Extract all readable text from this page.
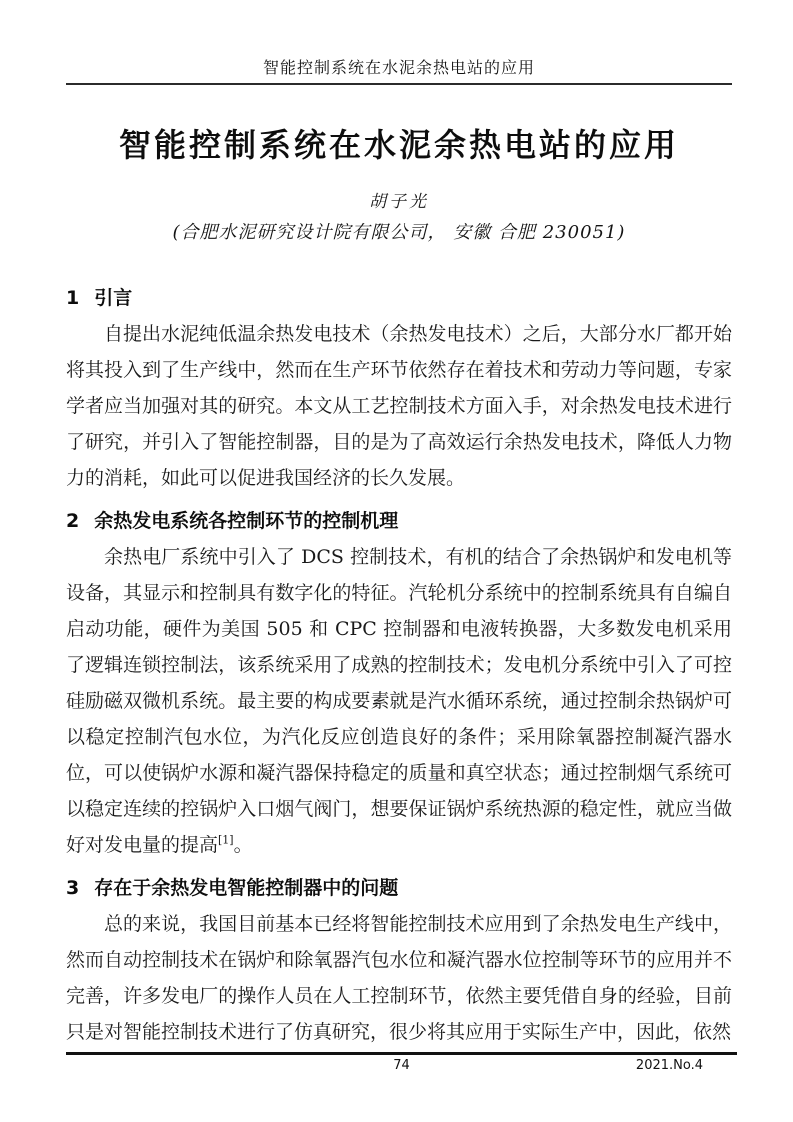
智能控制系统在水泥余热电站的应用
智能控制系统在水泥余热电站的应用
胡子光
(合肥水泥研究设计院有限公司， 安徽 合肥 230051)
1 引言

自提出水泥纯低温余热发电技术（余热发电技术）之后，大部分水厂都开始将其投入到了生产线中，然而在生产环节依然存在着技术和劳动力等问题，专家学者应当加强对其的研究。本文从工艺控制技术方面入手，对余热发电技术进行了研究，并引入了智能控制器，目的是为了高效运行余热发电技术，降低人力物力的消耗，如此可以促进我国经济的长久发展。

2 余热发电系统各控制环节的控制机理

余热电厂系统中引入了 DCS 控制技术，有机的结合了余热锅炉和发电机等设备，其显示和控制具有数字化的特征。汽轮机分系统中的控制系统具有自编自启动功能，硬件为美国 505 和 CPC 控制器和电液转换器，大多数发电机采用了逻辑连锁控制法，该系统采用了成熟的控制技术；发电机分系统中引入了可控硅励磁双微机系统。最主要的构成要素就是汽水循环系统，通过控制余热锅炉可以稳定控制汽包水位，为汽化反应创造良好的条件；采用除氧器控制凝汽器水位，可以使锅炉水源和凝汽器保持稳定的质量和真空状态；通过控制烟气系统可以稳定连续的控锅炉入口烟气阀门，想要保证锅炉系统热源的稳定性，就应当做好对发电量的提高[1]。

3 存在于余热发电智能控制器中的问题

总的来说，我国目前基本已经将智能控制技术应用到了余热发电生产线中，然而自动控制技术在锅炉和除氧器汽包水位和凝汽器水位控制等环节的应用并不完善，许多发电厂的操作人员在人工控制环节，依然主要凭借自身的经验，目前只是对智能控制技术进行了仿真研究，很少将其应用于实际生产中，因此，依然

74	2021.No.4
